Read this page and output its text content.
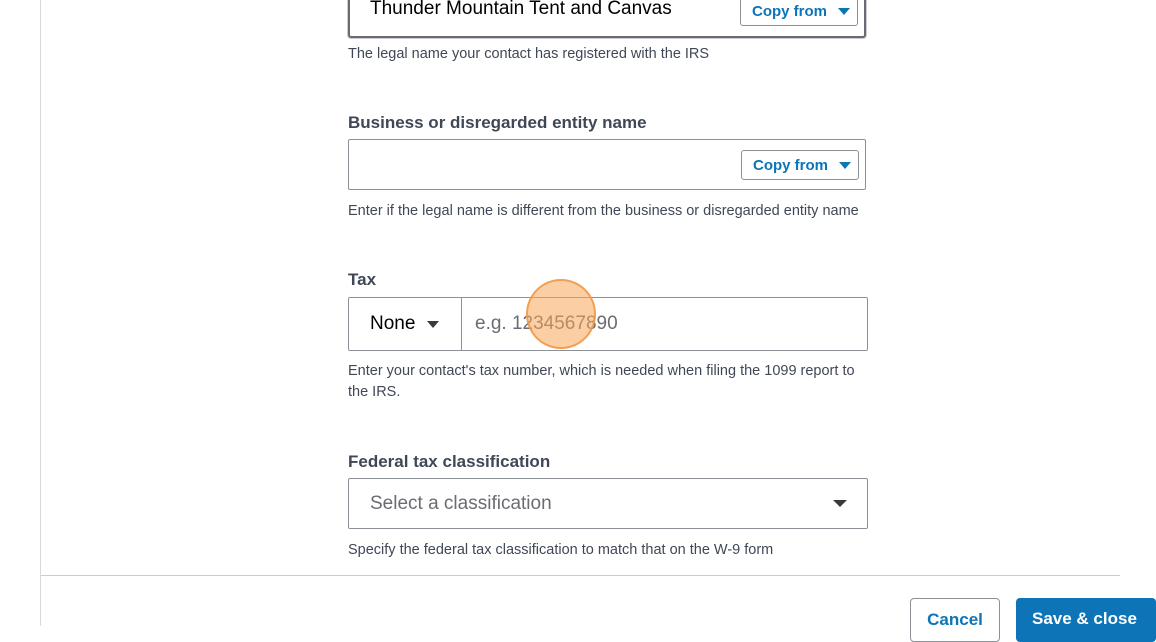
Thunder Mountain Tent and Canvas	Copy from
The legal name your contact has registered with the IRS
Business or disregarded entity name
Copy from
Enter if the legal name is different from the business or disregarded entity name
Tax
None
e.g. 1234567890
Enter your contact's tax number, which is needed when filing the 1099 report to
the IRS.
Federal tax classification
Select a classification
Specify the federal tax classification to match that on the W-9 form
Cancel	Save & close
